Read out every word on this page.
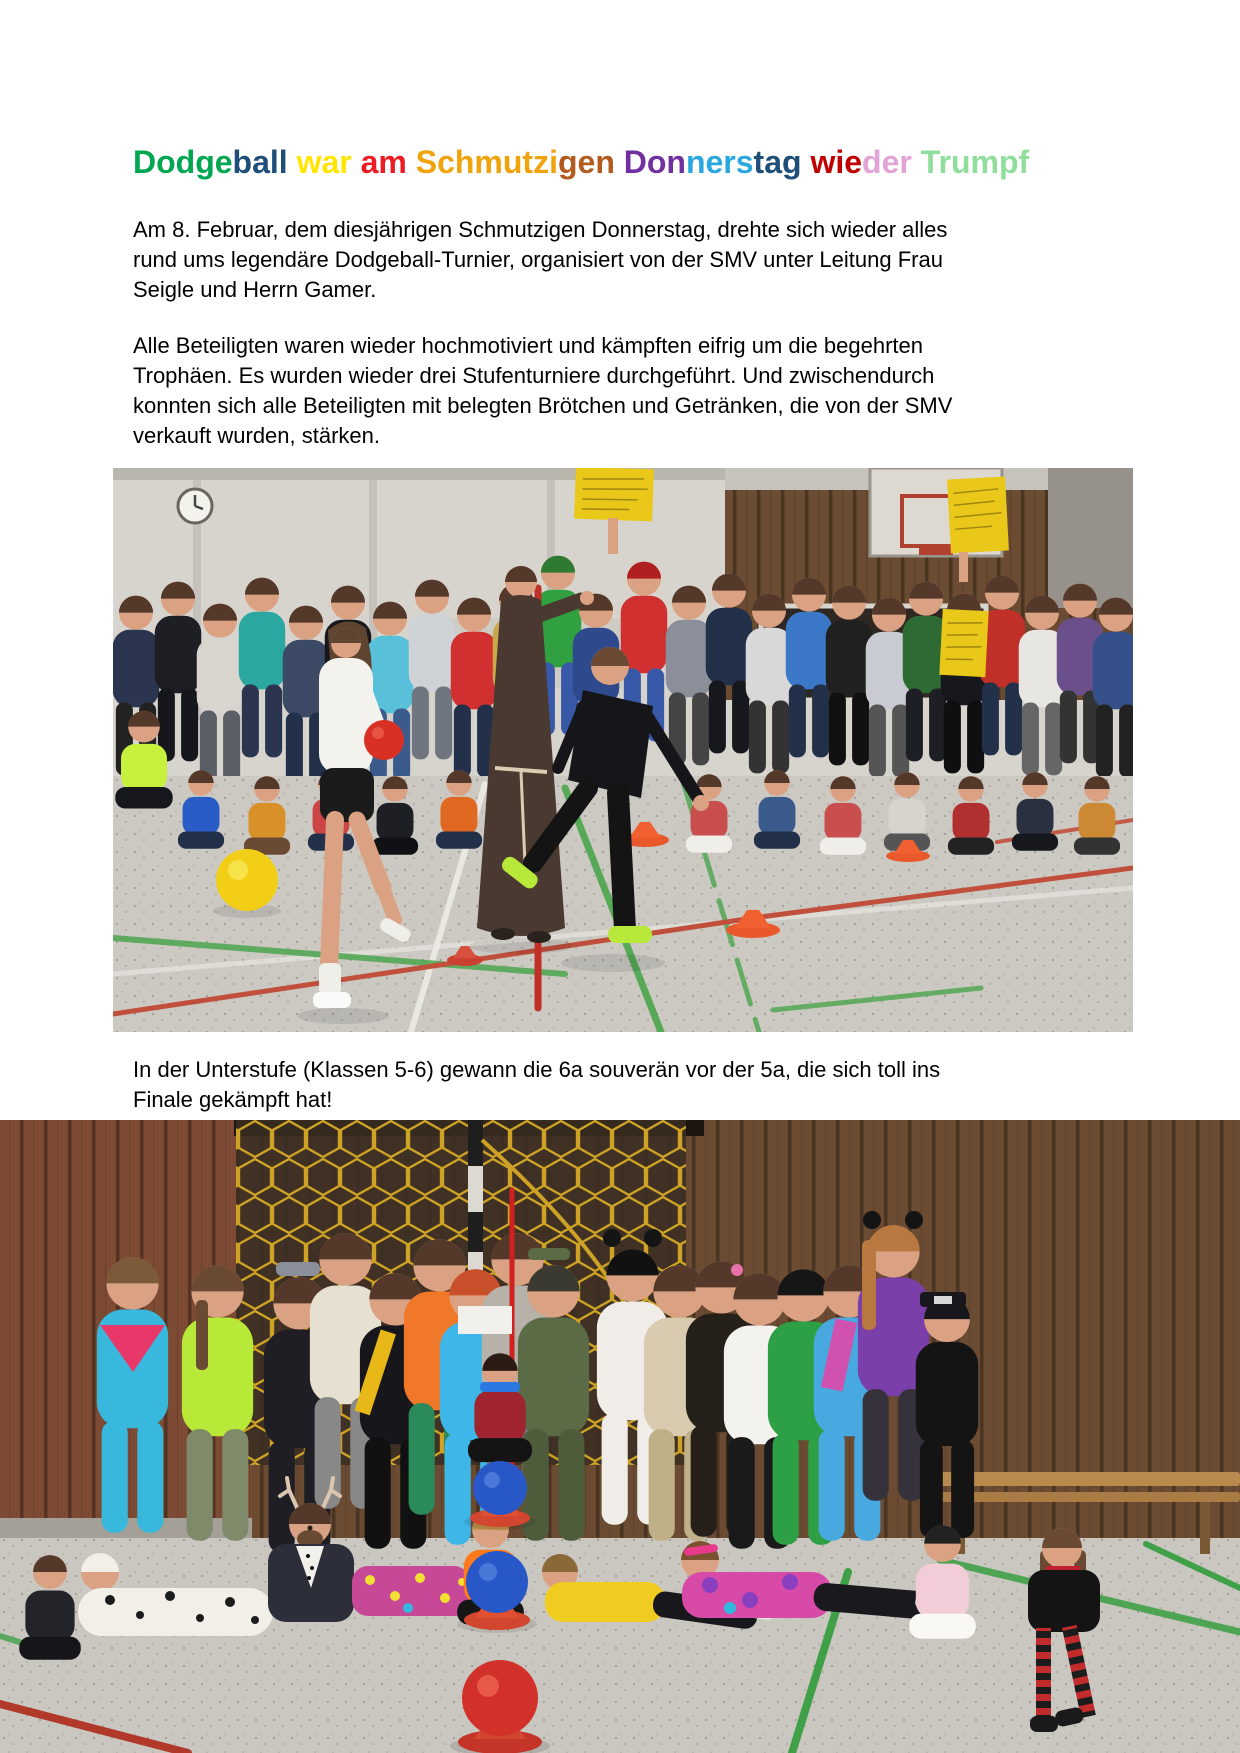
Dodgeball war am Schmutzigen Donnerstag wieder Trumpf
Am 8. Februar, dem diesjährigen Schmutzigen Donnerstag, drehte sich wieder alles
rund ums legendäre Dodgeball-Turnier, organisiert von der SMV unter Leitung Frau
Seigle und Herrn Gamer.
Alle Beteiligten waren wieder hochmotiviert und kämpften eifrig um die begehrten
Trophäen. Es wurden wieder drei Stufenturniere durchgeführt. Und zwischendurch
konnten sich alle Beteiligten mit belegten Brötchen und Getränken, die von der SMV
verkauft wurden, stärken.
In der Unterstufe (Klassen 5-6) gewann die 6a souverän vor der 5a, die sich toll ins
Finale gekämpft hat!
